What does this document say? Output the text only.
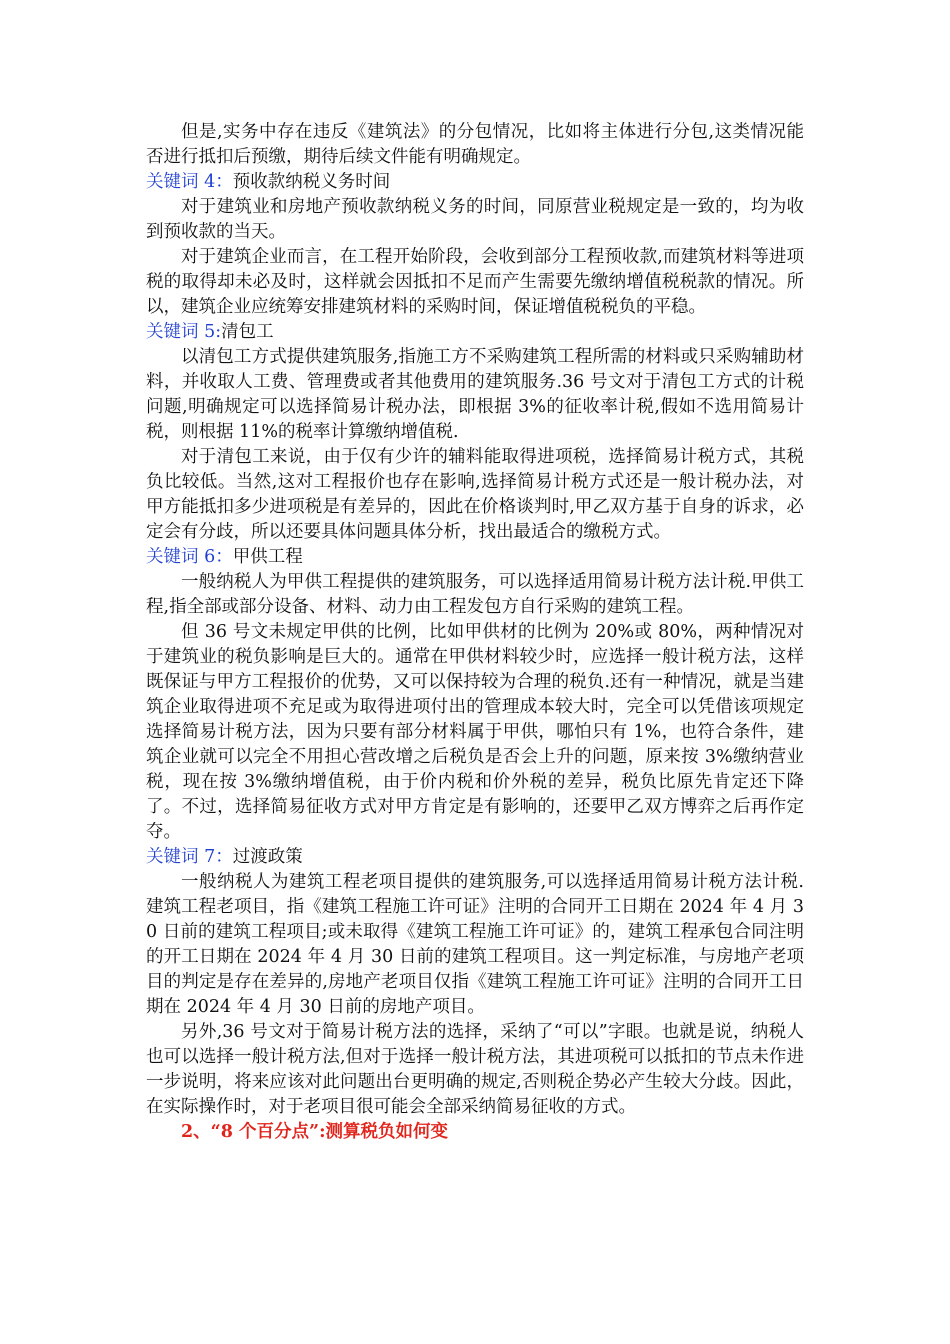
但是,实务中存在违反《建筑法》的分包情况，比如将主体进行分包,这类情况能否进行抵扣后预缴，期待后续文件能有明确规定。

关键词 4：预收款纳税义务时间

对于建筑业和房地产预收款纳税义务的时间，同原营业税规定是一致的，均为收到预收款的当天。

对于建筑企业而言，在工程开始阶段，会收到部分工程预收款,而建筑材料等进项税的取得却未必及时，这样就会因抵扣不足而产生需要先缴纳增值税税款的情况。所以，建筑企业应统筹安排建筑材料的采购时间，保证增值税税负的平稳。

关键词 5:清包工

以清包工方式提供建筑服务,指施工方不采购建筑工程所需的材料或只采购辅助材料，并收取人工费、管理费或者其他费用的建筑服务.36 号文对于清包工方式的计税问题,明确规定可以选择简易计税办法，即根据 3%的征收率计税,假如不选用简易计税，则根据 11%的税率计算缴纳增值税.

对于清包工来说，由于仅有少许的辅料能取得进项税，选择简易计税方式，其税负比较低。当然,这对工程报价也存在影响,选择简易计税方式还是一般计税办法，对甲方能抵扣多少进项税是有差异的，因此在价格谈判时,甲乙双方基于自身的诉求，必定会有分歧，所以还要具体问题具体分析，找出最适合的缴税方式。

关键词 6：甲供工程

一般纳税人为甲供工程提供的建筑服务，可以选择适用简易计税方法计税.甲供工程,指全部或部分设备、材料、动力由工程发包方自行采购的建筑工程。

但 36 号文未规定甲供的比例，比如甲供材的比例为 20%或 80%，两种情况对于建筑业的税负影响是巨大的。通常在甲供材料较少时，应选择一般计税方法，这样既保证与甲方工程报价的优势，又可以保持较为合理的税负.还有一种情况，就是当建筑企业取得进项不充足或为取得进项付出的管理成本较大时，完全可以凭借该项规定选择简易计税方法，因为只要有部分材料属于甲供，哪怕只有 1%，也符合条件，建筑企业就可以完全不用担心营改增之后税负是否会上升的问题，原来按 3%缴纳营业税，现在按 3%缴纳增值税，由于价内税和价外税的差异，税负比原先肯定还下降了。不过，选择简易征收方式对甲方肯定是有影响的，还要甲乙双方博弈之后再作定夺。

关键词 7：过渡政策

一般纳税人为建筑工程老项目提供的建筑服务,可以选择适用简易计税方法计税.建筑工程老项目，指《建筑工程施工许可证》注明的合同开工日期在 2024 年 4 月 30 日前的建筑工程项目;或未取得《建筑工程施工许可证》的，建筑工程承包合同注明的开工日期在 2024 年 4 月 30 日前的建筑工程项目。这一判定标准，与房地产老项目的判定是存在差异的,房地产老项目仅指《建筑工程施工许可证》注明的合同开工日期在 2024 年 4 月 30 日前的房地产项目。

另外,36 号文对于简易计税方法的选择，采纳了“可以”字眼。也就是说，纳税人也可以选择一般计税方法,但对于选择一般计税方法，其进项税可以抵扣的节点未作进一步说明，将来应该对此问题出台更明确的规定,否则税企势必产生较大分歧。因此，在实际操作时，对于老项目很可能会全部采纳简易征收的方式。

2、“8 个百分点”:测算税负如何变
